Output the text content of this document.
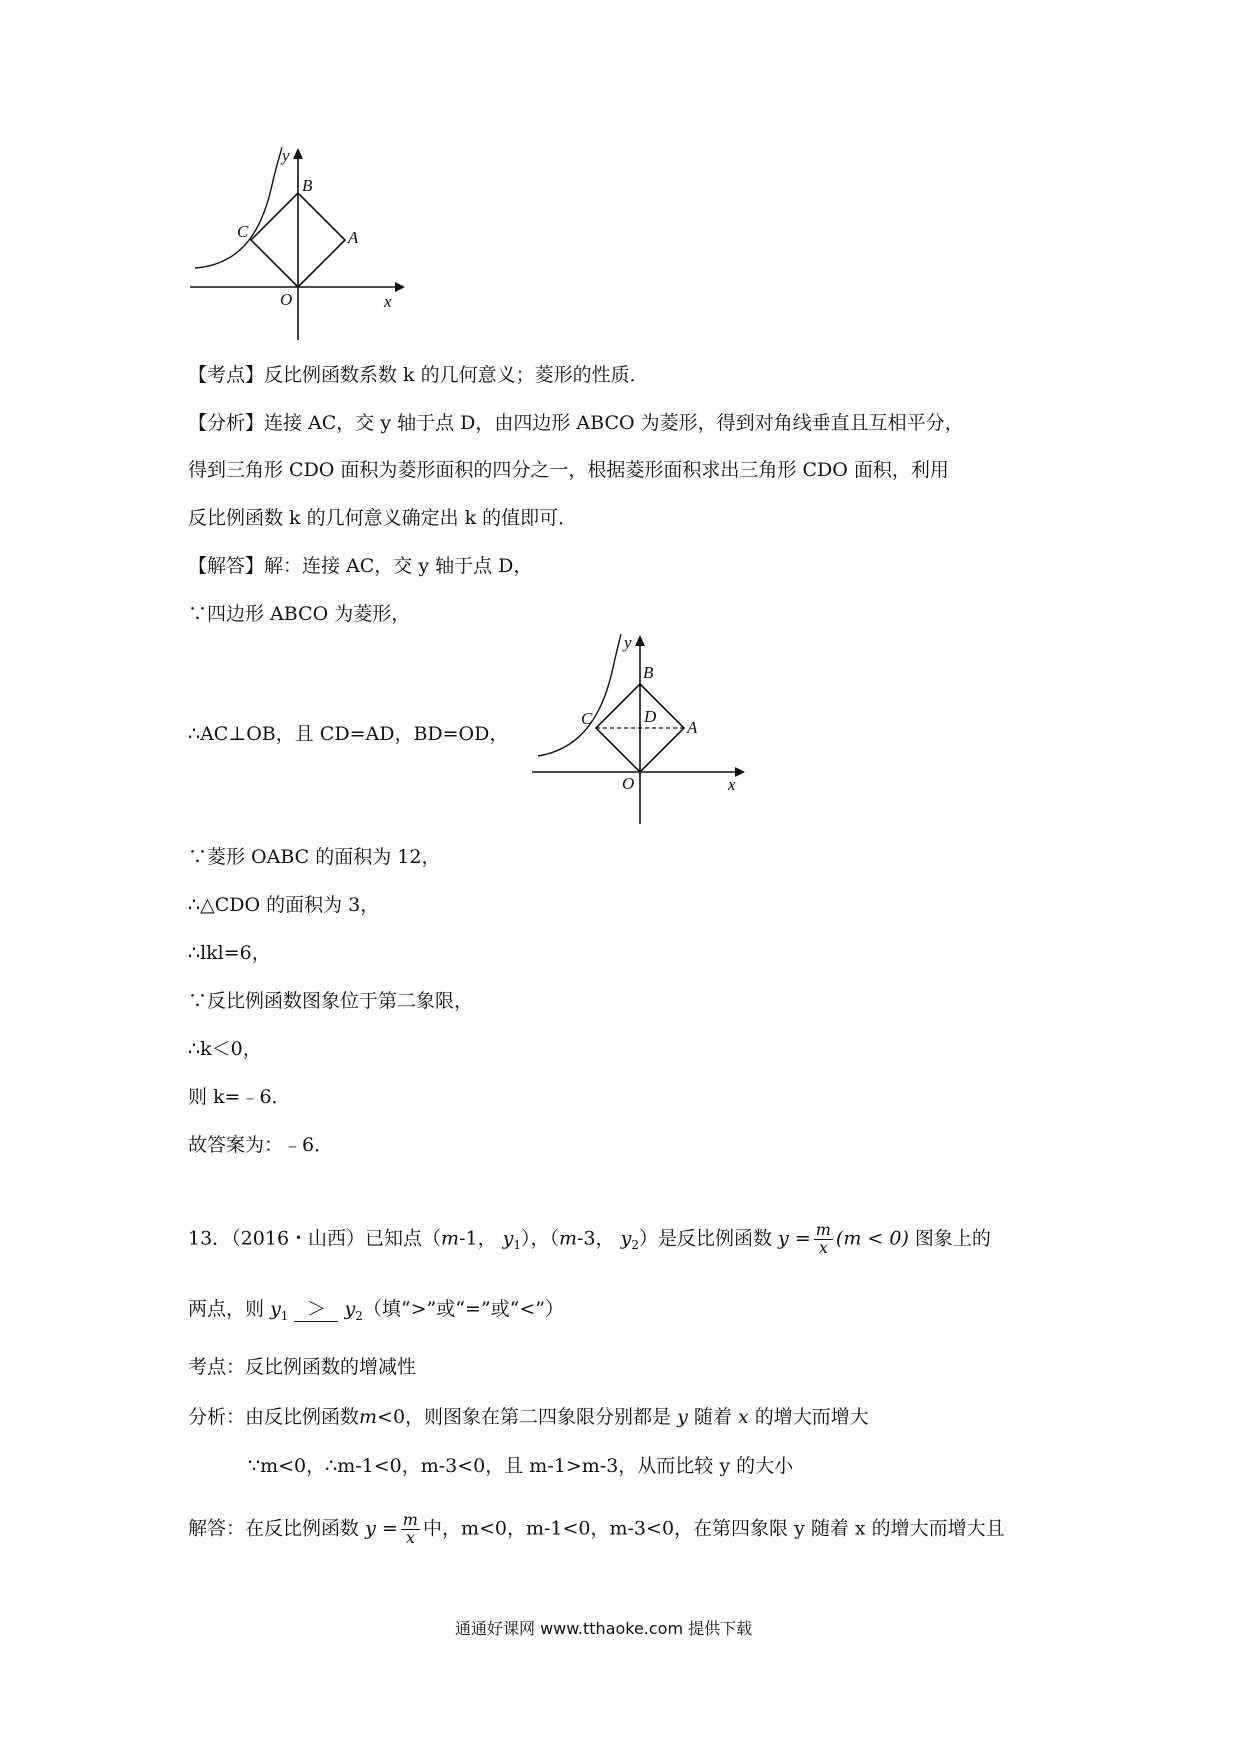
y
B
C	A
O	x
【考点】反比例函数系数 k 的几何意义；菱形的性质．
【分析】连接 AC，交 y 轴于点 D，由四边形 ABCO 为菱形，得到对角线垂直且互相平分，
得到三角形 CDO 面积为菱形面积的四分之一，根据菱形面积求出三角形 CDO 面积，利用
反比例函数 k 的几何意义确定出 k 的值即可．
【解答】解：连接 AC，交 y 轴于点 D，
∵四边形 ABCO 为菱形，
∴AC⊥OB，且 CD=AD，BD=OD，
y
B
C	D
A
O	x
∵菱形 OABC 的面积为 12，
∴△CDO 的面积为 3，
∴lkl=6，
∵反比例函数图象位于第二象限，
∴k＜0，
则 k=﹣6．
故答案为：﹣6．
13．（2016・山西）已知点（m-1， $y_1$），（m-3， $y_2$）是反比例函数 $y = \frac{m}{x} (m < 0)$ 图象上的
两点，则 $y_1 > y_2$（填“>”或“=”或“<”）
考点：反比例函数的增减性
分析：由反比例函数m<0，则图象在第二四象限分别都是 y 随着 x 的增大而增大
∵m<0，∴m-1<0，m-3<0，且 m-1>m-3，从而比较 y 的大小
解答：在反比例函数 $y = \frac{m}{x}$ 中，m<0，m-1<0，m-3<0，在第四象限 y 随着 x 的增大而增大且
通通好课网 www.tthaoke.com 提供下载
